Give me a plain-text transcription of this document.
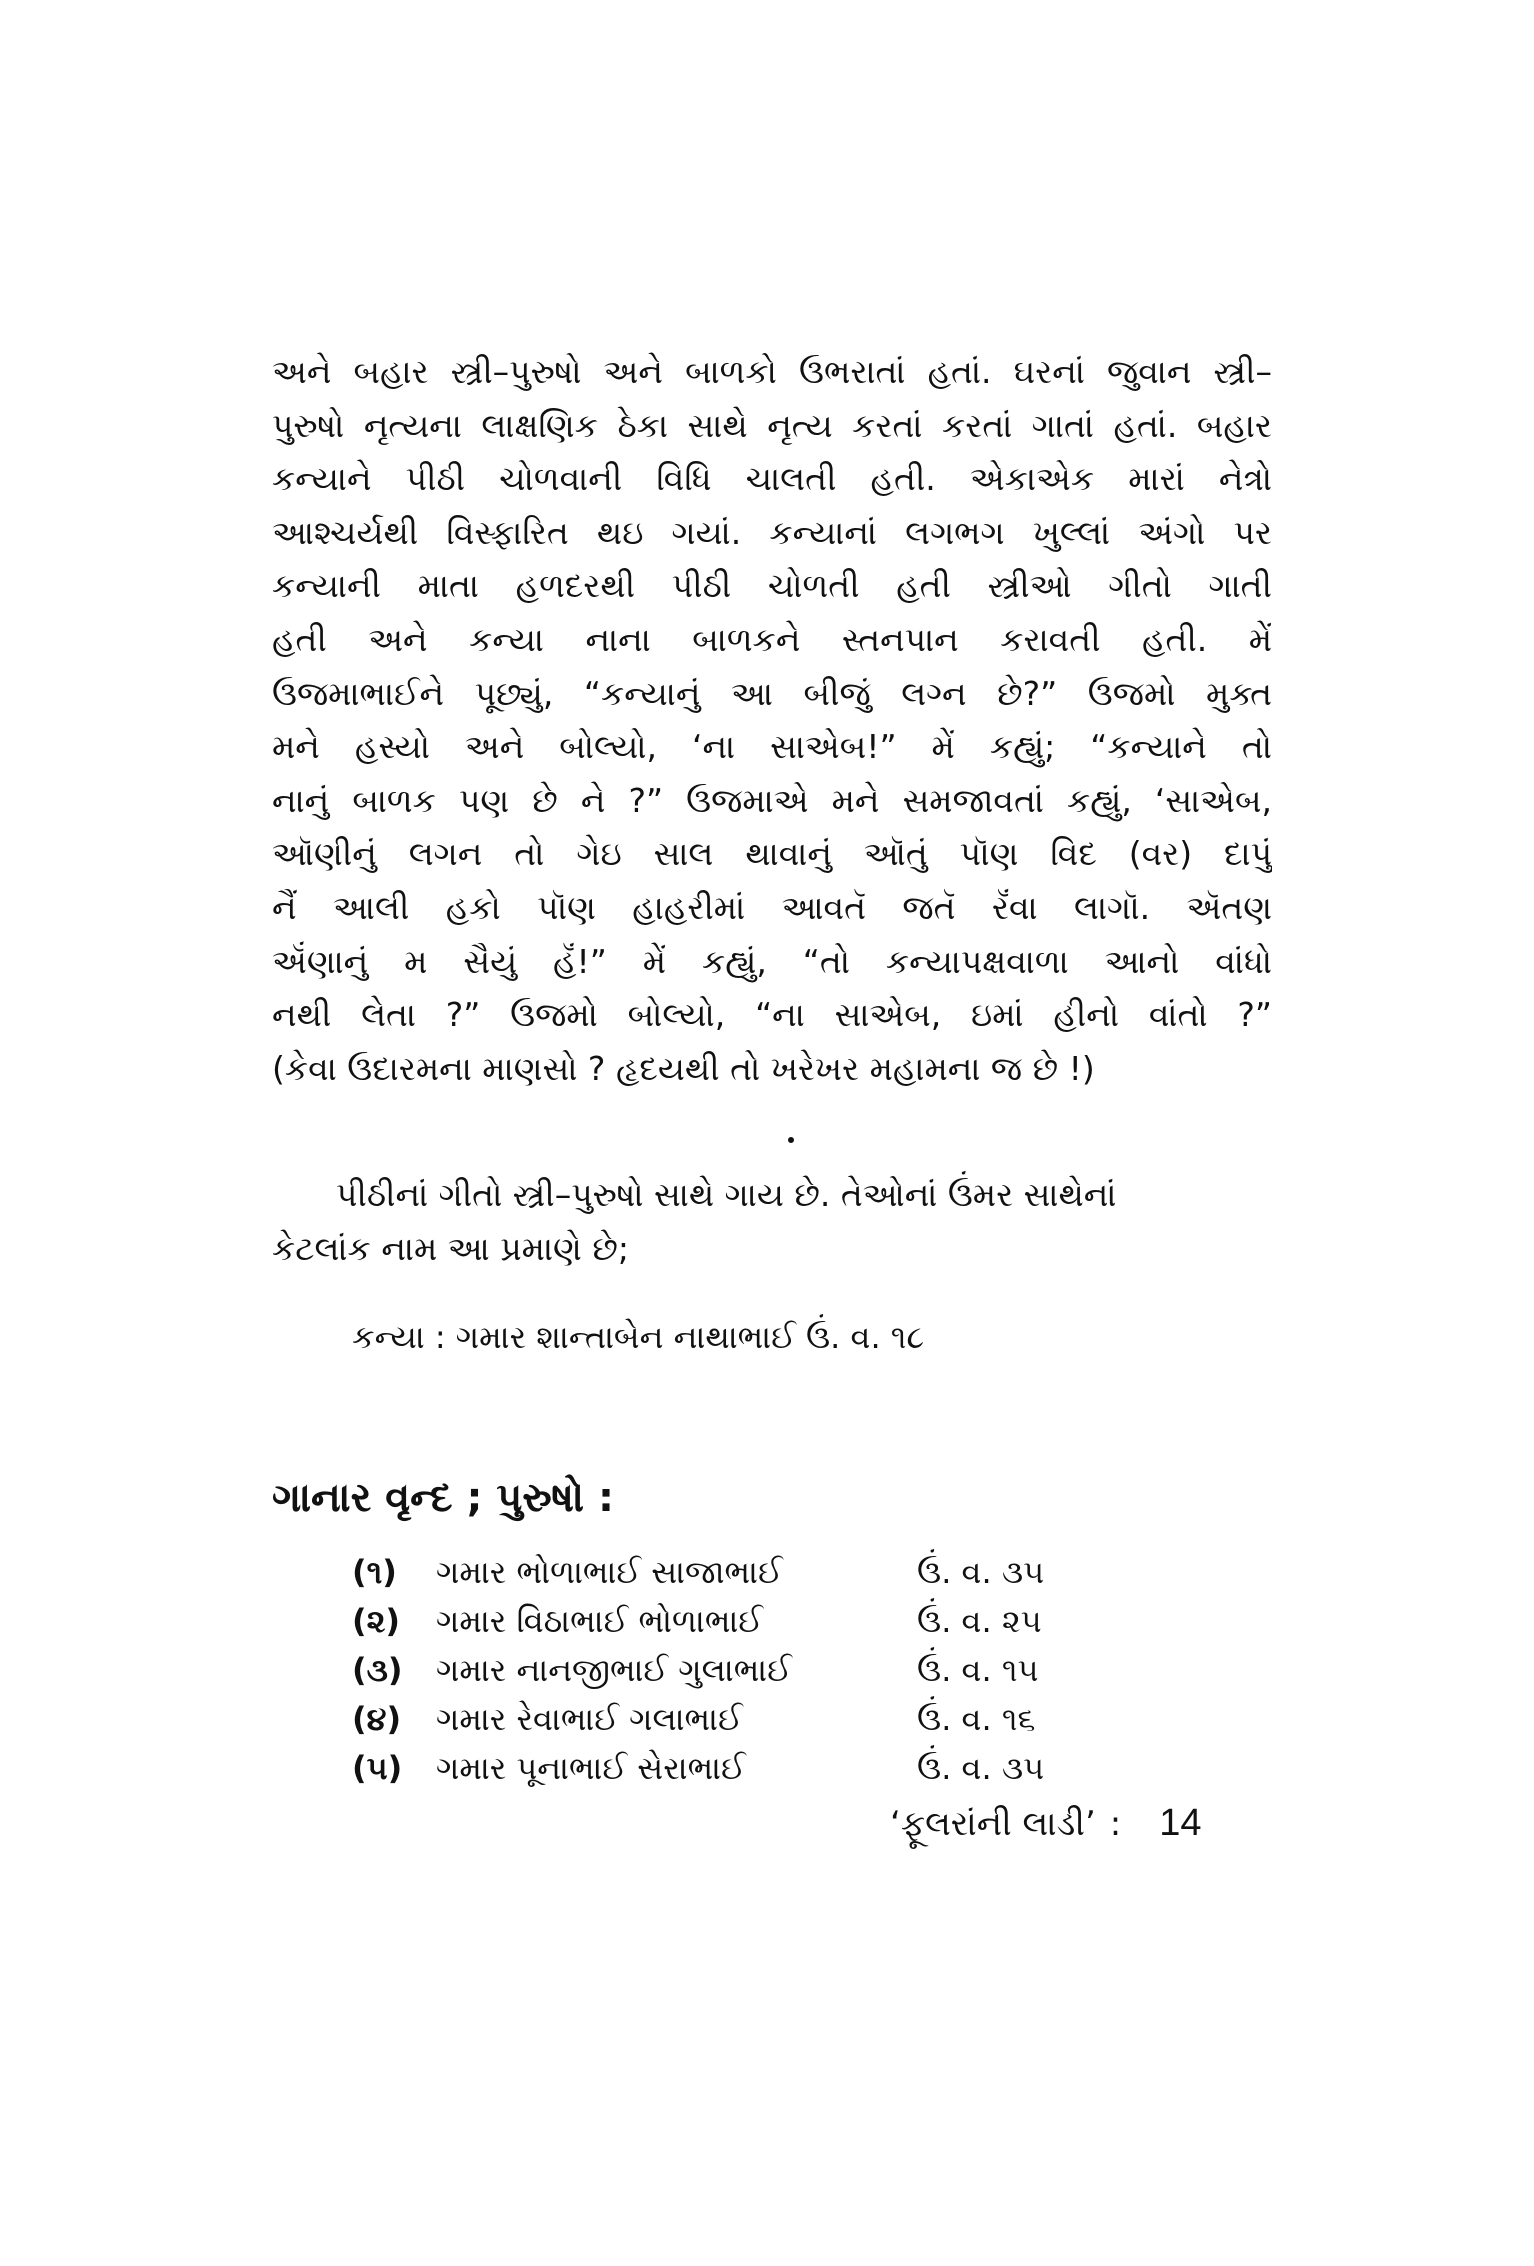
અને બહાર સ્ત્રી–પુરુષો અને બાળકો ઉભરાતાં હતાં. ઘરનાં જુવાન સ્ત્રી–
પુરુષો નૃત્યના લાક્ષણિક ઠેકા સાથે નૃત્ય કરતાં કરતાં ગાતાં હતાં. બહાર
કન્યાને પીઠી ચોળવાની વિધિ ચાલતી હતી. એકાએક મારાં નેત્રો
આશ્ચર્યથી વિસ્ફારિત થઇ ગયાં. કન્યાનાં લગભગ ખુલ્લાં અંગો પર
કન્યાની માતા હળદરથી પીઠી ચોળતી હતી સ્ત્રીઓ ગીતો ગાતી
હતી અને કન્યા નાના બાળકને સ્તનપાન કરાવતી હતી. મેં
ઉજમાભાઈને પૂછ્યું, “કન્યાનું આ બીજું લગ્ન છે?” ઉજમો મુક્ત
મને હસ્યો અને બોલ્યો, ‘ના સાએબ!” મેં કહ્યું; “કન્યાને તો
નાનું બાળક પણ છે ને ?” ઉજમાએ મને સમજાવતાં કહ્યું, ‘સાએબ,
ઑણીનું લગન તો ગેઇ સાલ થાવાનું ઑતું પૉણ વિદ (વર) દાપું
નૈં આલી હકો પૉણ હાહરીમાં આવતૅ જતૅ રૅંવા લાગૉ. ઍતણ
ઍંણાનું મ સૈયું હૅં!” મેં કહ્યું, “તો કન્યાપક્ષવાળા આનો વાંધો
નથી લેતા ?” ઉજમો બોલ્યો, “ના સાએબ, ઇમાં હીનો વાંતો ?”
(કેવા ઉદારમના માણસો ? હૃદયથી તો ખરેખર મહામના જ છે !)
પીઠીનાં ગીતો સ્ત્રી–પુરુષો સાથે ગાય છે. તેઓનાં ઉંમર સાથેનાં
કેટલાંક નામ આ પ્રમાણે છે;
કન્યા : ગમાર શાન્તાબેન નાથાભાઈ ઉં. વ. ૧૮
ગાનાર વૃન્દ ; પુરુષો :
(૧) ગમાર ભોળાભાઈ સાજાભાઈ	ઉં. વ. ૩૫
(૨) ગમાર વિઠાભાઈ ભોળાભાઈ	ઉં. વ. ૨૫
(૩) ગમાર નાનજીભાઈ ગુલાભાઈ	ઉં. વ. ૧૫
(૪) ગમાર રેવાભાઈ ગલાભાઈ	ઉં. વ. ૧૬
(૫) ગમાર પૂનાભાઈ સેરાભાઈ	ઉં. વ. ૩૫
‘ફૂલરાંની લાડી’ : 14
